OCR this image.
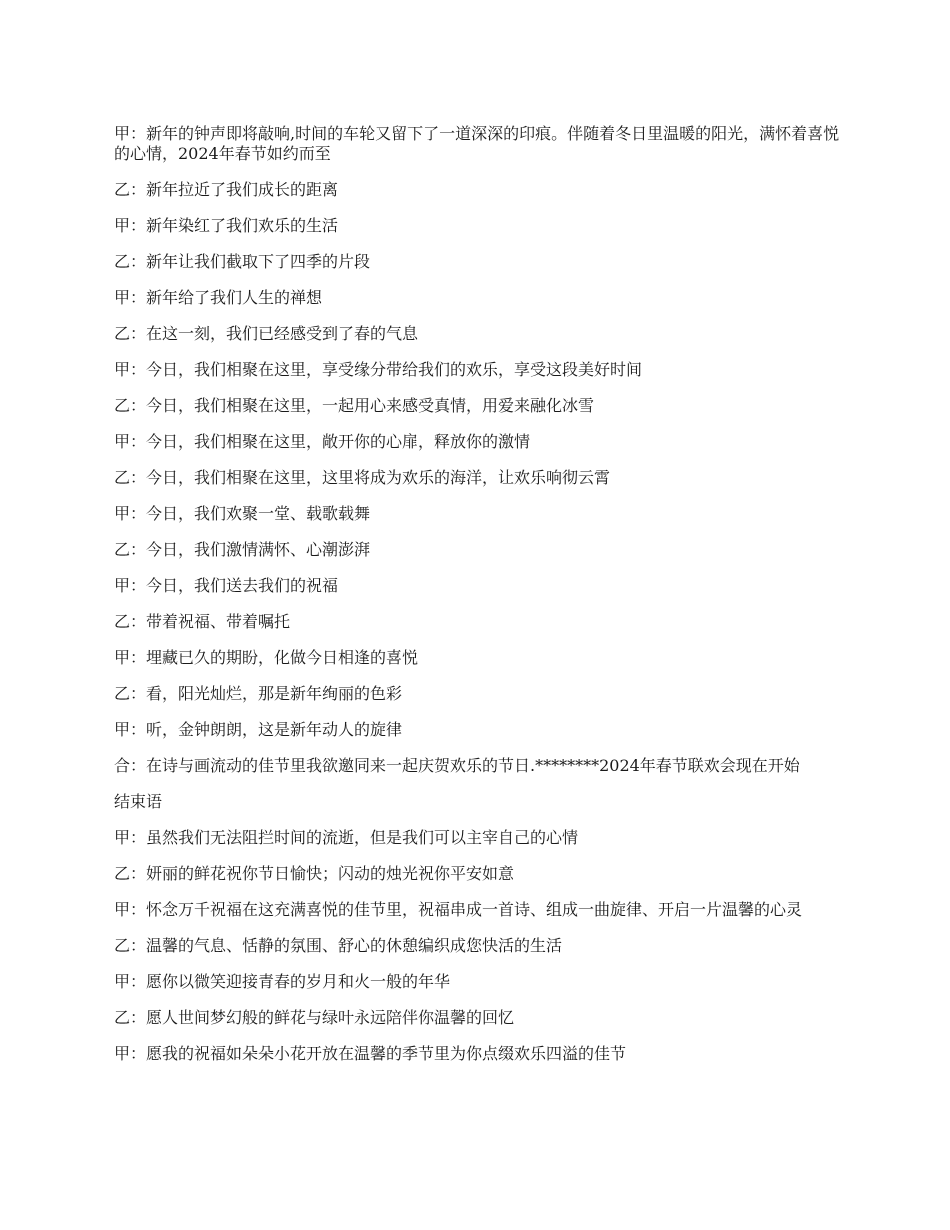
甲：新年的钟声即将敲响,时间的车轮又留下了一道深深的印痕。伴随着冬日里温暖的阳光，满怀着喜悦的心情，2024年春节如约而至

乙：新年拉近了我们成长的距离

甲：新年染红了我们欢乐的生活

乙：新年让我们截取下了四季的片段

甲：新年给了我们人生的禅想

乙：在这一刻，我们已经感受到了春的气息

甲：今日，我们相聚在这里，享受缘分带给我们的欢乐，享受这段美好时间

乙：今日，我们相聚在这里，一起用心来感受真情，用爱来融化冰雪

甲：今日，我们相聚在这里，敞开你的心扉，释放你的激情

乙：今日，我们相聚在这里，这里将成为欢乐的海洋，让欢乐响彻云霄

甲：今日，我们欢聚一堂、载歌载舞

乙：今日，我们激情满怀、心潮澎湃

甲：今日，我们送去我们的祝福

乙：带着祝福、带着嘱托

甲：埋藏已久的期盼，化做今日相逢的喜悦

乙：看，阳光灿烂，那是新年绚丽的色彩

甲：听，金钟朗朗，这是新年动人的旋律

合：在诗与画流动的佳节里我欲邀同来一起庆贺欢乐的节日.********2024年春节联欢会现在开始

结束语

甲：虽然我们无法阻拦时间的流逝，但是我们可以主宰自己的心情

乙：妍丽的鲜花祝你节日愉快；闪动的烛光祝你平安如意

甲：怀念万千祝福在这充满喜悦的佳节里，祝福串成一首诗、组成一曲旋律、开启一片温馨的心灵

乙：温馨的气息、恬静的氛围、舒心的休憩编织成您快活的生活

甲：愿你以微笑迎接青春的岁月和火一般的年华

乙：愿人世间梦幻般的鲜花与绿叶永远陪伴你温馨的回忆

甲：愿我的祝福如朵朵小花开放在温馨的季节里为你点缀欢乐四溢的佳节
